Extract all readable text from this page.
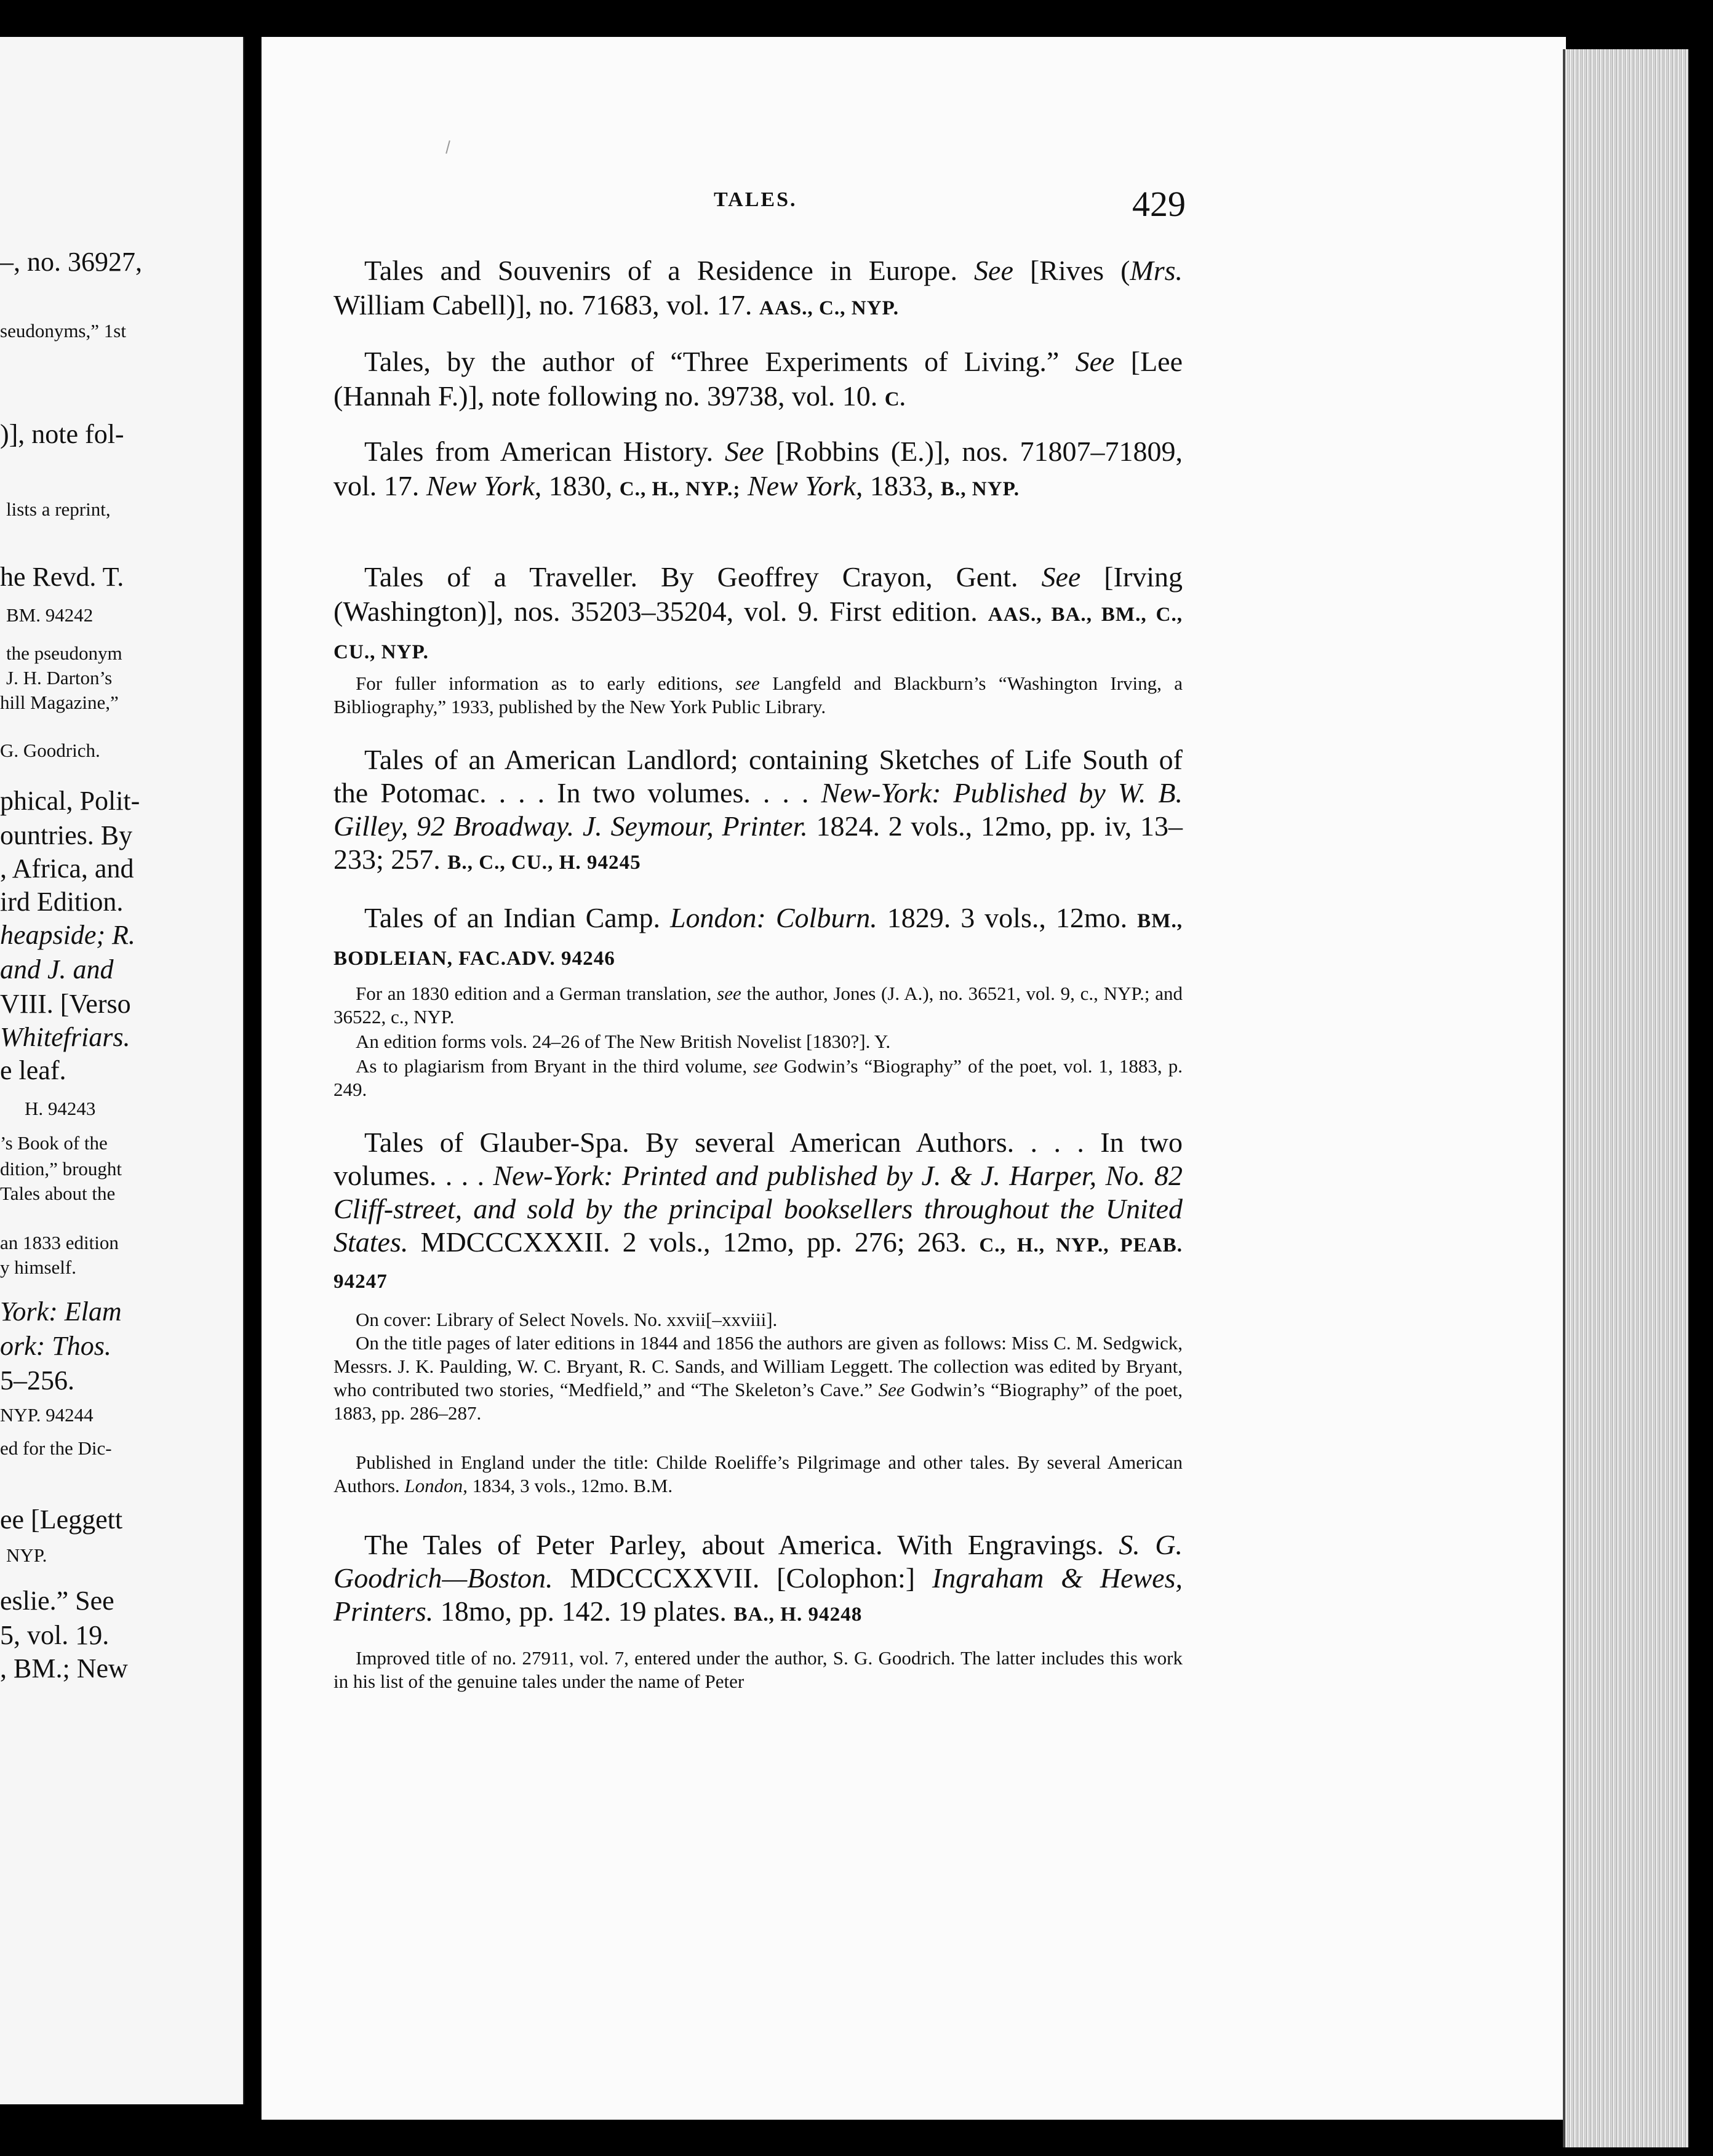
–, no. 36927,
seudonyms,” 1st
)], note fol-
lists a reprint,
he Revd. T.
BM. 94242
the pseudonym
J. H. Darton’s
hill Magazine,”
G. Goodrich.
phical, Polit-
ountries. By
, Africa, and
ird Edition.
heapside; R.
and J. and
VIII. [Verso
Whitefriars.
e leaf.
H. 94243
’s Book of the
dition,” brought
Tales about the
an 1833 edition
y himself.
York: Elam
ork: Thos.
5–256.
NYP. 94244
ed for the Dic-
ee [Leggett
NYP.
eslie.” See
5, vol. 19.
, BM.; New
TALES.	429
Tales and Souvenirs of a Residence in Europe. See [Rives (Mrs. William Cabell)], no. 71683, vol. 17. AAS., C., NYP.
Tales, by the author of “Three Experiments of Living.” See [Lee (Hannah F.)], note following no. 39738, vol. 10. C.
Tales from American History. See [Robbins (E.)], nos. 71807–71809, vol. 17. New York, 1830, C., H., NYP.; New York, 1833, B., NYP.
Tales of a Traveller. By Geoffrey Crayon, Gent. See [Irving (Washington)], nos. 35203–35204, vol. 9. First edition. AAS., BA., BM., C., CU., NYP.
For fuller information as to early editions, see Langfeld and Blackburn’s “Washington Irving, a Bibliography,” 1933, published by the New York Public Library.
Tales of an American Landlord; containing Sketches of Life South of the Potomac. . . . In two volumes. . . . New-York: Published by W. B. Gilley, 92 Broadway. J. Seymour, Printer. 1824. 2 vols., 12mo, pp. iv, 13–233; 257. B., C., CU., H. 94245
Tales of an Indian Camp. London: Colburn. 1829. 3 vols., 12mo. BM., BODLEIAN, FAC.ADV. 94246
For an 1830 edition and a German translation, see the author, Jones (J. A.), no. 36521, vol. 9, c., NYP.; and 36522, c., NYP.
An edition forms vols. 24–26 of The New British Novelist [1830?]. Y.
As to plagiarism from Bryant in the third volume, see Godwin’s “Biography” of the poet, vol. 1, 1883, p. 249.
Tales of Glauber-Spa. By several American Authors. . . . In two volumes. . . . New-York: Printed and published by J. & J. Harper, No. 82 Cliff-street, and sold by the principal booksellers throughout the United States. MDCCCXXXII. 2 vols., 12mo, pp. 276; 263. C., H., NYP., PEAB. 94247
On cover: Library of Select Novels. No. xxvii[–xxviii].
On the title pages of later editions in 1844 and 1856 the authors are given as follows: Miss C. M. Sedgwick, Messrs. J. K. Paulding, W. C. Bryant, R. C. Sands, and William Leggett. The collection was edited by Bryant, who contributed two stories, “Medfield,” and “The Skeleton’s Cave.” See Godwin’s “Biography” of the poet, 1883, pp. 286–287.
Published in England under the title: Childe Roeliffe’s Pilgrimage and other tales. By several American Authors. London, 1834, 3 vols., 12mo. B.M.
The Tales of Peter Parley, about America. With Engravings. S. G. Goodrich—Boston. MDCCCXXVII. [Colophon:] Ingraham & Hewes, Printers. 18mo, pp. 142. 19 plates. BA., H. 94248
Improved title of no. 27911, vol. 7, entered under the author, S. G. Goodrich. The latter includes this work in his list of the genuine tales under the name of Peter
